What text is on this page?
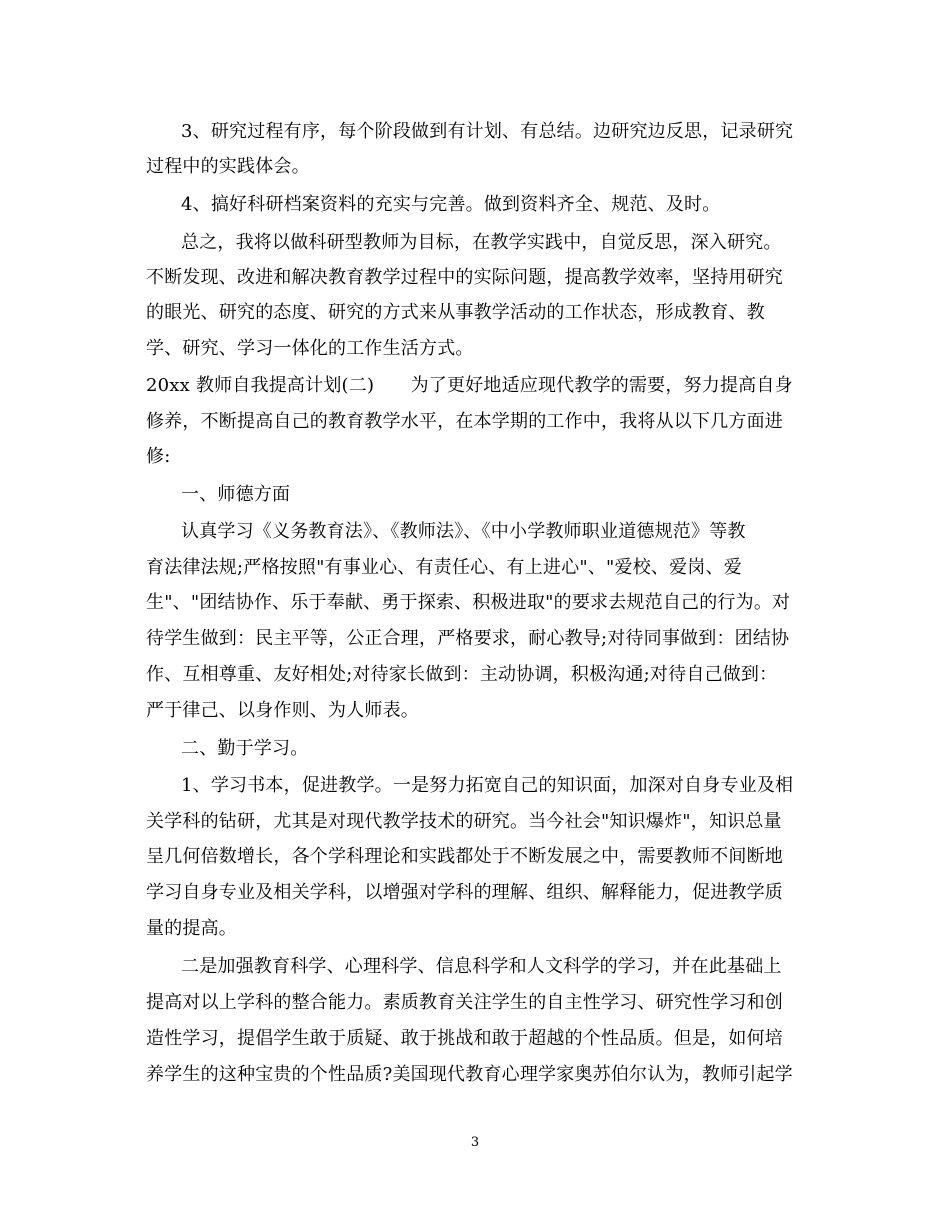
3、研究过程有序，每个阶段做到有计划、有总结。边研究边反思，记录研究
过程中的实践体会。
4、搞好科研档案资料的充实与完善。做到资料齐全、规范、及时。
总之，我将以做科研型教师为目标，在教学实践中，自觉反思，深入研究。
不断发现、改进和解决教育教学过程中的实际问题，提高教学效率，坚持用研究
的眼光、研究的态度、研究的方式来从事教学活动的工作状态，形成教育、教
学、研究、学习一体化的工作生活方式。
20xx 教师自我提高计划(二)　　为了更好地适应现代教学的需要，努力提高自身
修养，不断提高自己的教育教学水平，在本学期的工作中，我将从以下几方面进
修:
一、师德方面
认真学习《义务教育法》、《教师法》、《中小学教师职业道德规范》等教
育法律法规;严格按照"有事业心、有责任心、有上进心"、"爱校、爱岗、爱
生"、"团结协作、乐于奉献、勇于探索、积极进取"的要求去规范自己的行为。对
待学生做到：民主平等，公正合理，严格要求，耐心教导;对待同事做到：团结协
作、互相尊重、友好相处;对待家长做到：主动协调，积极沟通;对待自己做到：
严于律己、以身作则、为人师表。
二、勤于学习。
1、学习书本，促进教学。一是努力拓宽自己的知识面，加深对自身专业及相
关学科的钻研，尤其是对现代教学技术的研究。当今社会"知识爆炸"，知识总量
呈几何倍数增长，各个学科理论和实践都处于不断发展之中，需要教师不间断地
学习自身专业及相关学科，以增强对学科的理解、组织、解释能力，促进教学质
量的提高。
二是加强教育科学、心理科学、信息科学和人文科学的学习，并在此基础上
提高对以上学科的整合能力。素质教育关注学生的自主性学习、研究性学习和创
造性学习，提倡学生敢于质疑、敢于挑战和敢于超越的个性品质。但是，如何培
养学生的这种宝贵的个性品质?美国现代教育心理学家奥苏伯尔认为，教师引起学
3
